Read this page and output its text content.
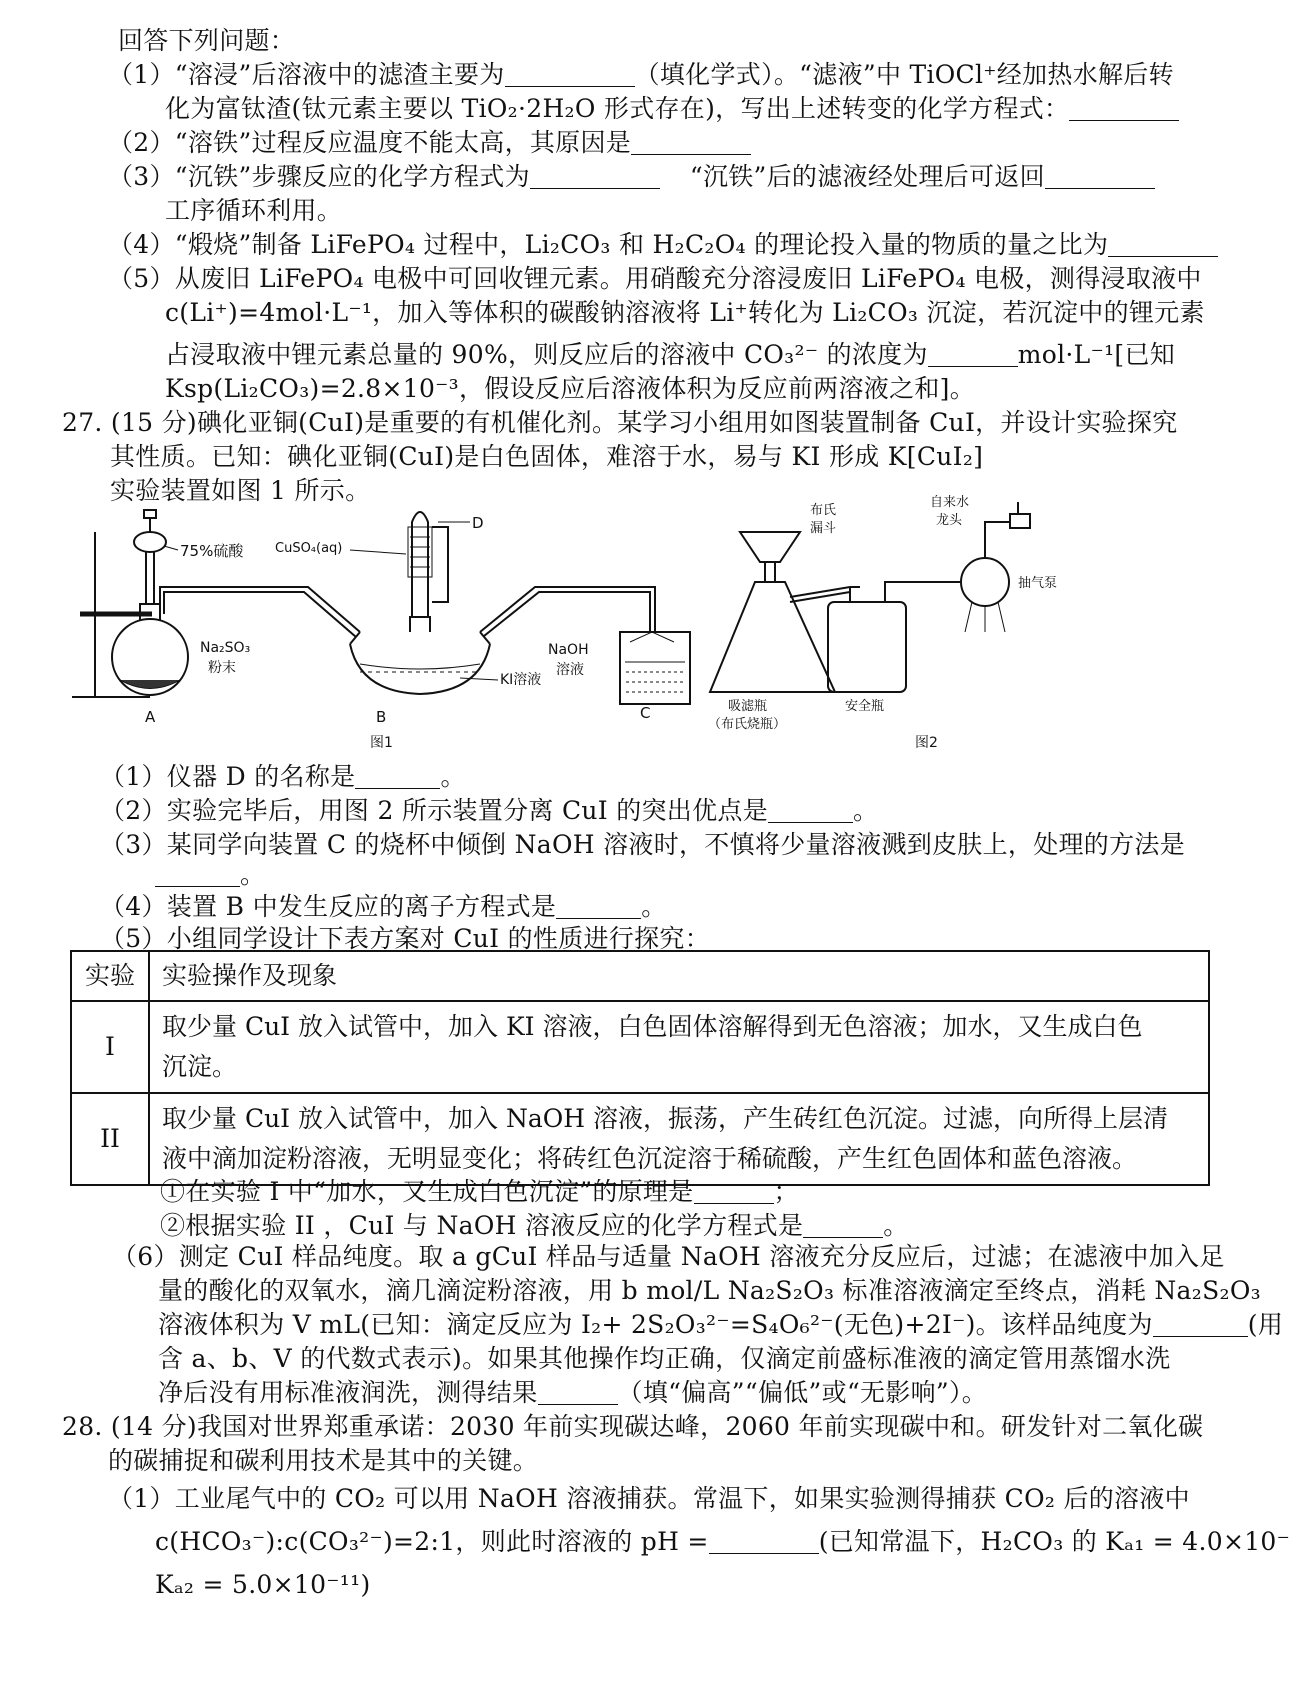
回答下列问题：
（1）“溶浸”后溶液中的滤渣主要为	（填化学式）。“滤液”中 TiOCl⁺经加热水解后转
化为富钛渣(钛元素主要以 TiO₂·2H₂O 形式存在)，写出上述转变的化学方程式：
（2）“溶铁”过程反应温度不能太高，其原因是
（3）“沉铁”步骤反应的化学方程式为	“沉铁”后的滤液经处理后可返回
工序循环利用。
（4）“煅烧”制备 LiFePO₄ 过程中，Li₂CO₃ 和 H₂C₂O₄ 的理论投入量的物质的量之比为
（5）从废旧 LiFePO₄ 电极中可回收锂元素。用硝酸充分溶浸废旧 LiFePO₄ 电极，测得浸取液中
c(Li⁺)=4mol·L⁻¹，加入等体积的碳酸钠溶液将 Li⁺转化为 Li₂CO₃ 沉淀，若沉淀中的锂元素
占浸取液中锂元素总量的 90%，则反应后的溶液中 CO₃²⁻ 的浓度为	mol·L⁻¹[已知
Ksp(Li₂CO₃)=2.8×10⁻³，假设反应后溶液体积为反应前两溶液之和]。
27. (15 分)碘化亚铜(CuI)是重要的有机催化剂。某学习小组用如图装置制备 CuI，并设计实验探究
其性质。已知：碘化亚铜(CuI)是白色固体，难溶于水，易与 KI 形成 K[CuI₂]
实验装置如图 1 所示。
75%硫酸
Na₂SO₃
粉末
D
CuSO₄(aq)
KI溶液
NaOH
溶液
A	B	C
图1
布氏
漏斗
自来水
龙头
抽气泵
吸滤瓶
（布氏烧瓶）
安全瓶
图2
（1）仪器 D 的名称是	。
（2）实验完毕后，用图 2 所示装置分离 CuI 的突出优点是	。
（3）某同学向装置 C 的烧杯中倾倒 NaOH 溶液时，不慎将少量溶液溅到皮肤上，处理的方法是
。
（4）装置 B 中发生反应的离子方程式是	。
（5）小组同学设计下表方案对 CuI 的性质进行探究：
实验	实验操作及现象
I	取少量 CuI 放入试管中，加入 KI 溶液，白色固体溶解得到无色溶液；加水，又生成白色
沉淀。
II	取少量 CuI 放入试管中，加入 NaOH 溶液，振荡，产生砖红色沉淀。过滤，向所得上层清
液中滴加淀粉溶液，无明显变化；将砖红色沉淀溶于稀硫酸，产生红色固体和蓝色溶液。
①在实验 I 中“加水，又生成白色沉淀”的原理是	；
②根据实验 II ，CuI 与 NaOH 溶液反应的化学方程式是	。
（6）测定 CuI 样品纯度。取 a gCuI 样品与适量 NaOH 溶液充分反应后，过滤；在滤液中加入足
量的酸化的双氧水，滴几滴淀粉溶液，用 b mol/L Na₂S₂O₃ 标准溶液滴定至终点，消耗 Na₂S₂O₃
溶液体积为 V mL(已知：滴定反应为 I₂+ 2S₂O₃²⁻=S₄O₆²⁻(无色)+2I⁻)。该样品纯度为	(用
含 a、b、V 的代数式表示)。如果其他操作均正确，仅滴定前盛标准液的滴定管用蒸馏水洗
净后没有用标准液润洗，测得结果	（填“偏高”“偏低”或“无影响”）。
28. (14 分)我国对世界郑重承诺：2030 年前实现碳达峰，2060 年前实现碳中和。研发针对二氧化碳
的碳捕捉和碳利用技术是其中的关键。
（1）工业尾气中的 CO₂ 可以用 NaOH 溶液捕获。常温下，如果实验测得捕获 CO₂ 后的溶液中
c(HCO₃⁻):c(CO₃²⁻)=2:1，则此时溶液的 pH =	(已知常温下，H₂CO₃ 的 Kₐ₁ = 4.0×10⁻
Kₐ₂ = 5.0×10⁻¹¹)
